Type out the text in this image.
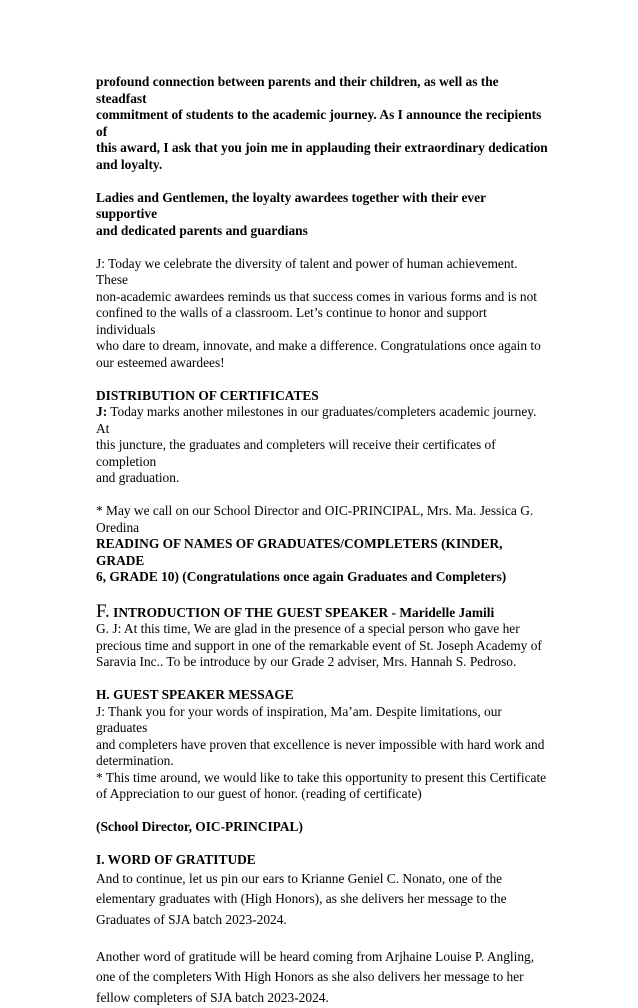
profound connection between parents and their children, as well as the steadfast
commitment of students to the academic journey. As I announce the recipients of
this award, I ask that you join me in applauding their extraordinary dedication
and loyalty.

Ladies and Gentlemen, the loyalty awardees together with their ever supportive
and dedicated parents and guardians

J: Today we celebrate the diversity of talent and power of human achievement. These
non-academic awardees reminds us that success comes in various forms and is not
confined to the walls of a classroom. Let’s continue to honor and support individuals
who dare to dream, innovate, and make a difference. Congratulations once again to
our esteemed awardees!

DISTRIBUTION OF CERTIFICATES

J: Today marks another milestones in our graduates/completers academic journey. At
this juncture, the graduates and completers will receive their certificates of completion
and graduation.

* May we call on our School Director and OIC-PRINCIPAL, Mrs. Ma. Jessica G.
Oredina

READING OF NAMES OF GRADUATES/COMPLETERS (KINDER, GRADE
6, GRADE 10) (Congratulations once again Graduates and Completers)

F. INTRODUCTION OF THE GUEST SPEAKER - Maridelle Jamili

G. J: At this time, We are glad in the presence of a special person who gave her
precious time and support in one of the remarkable event of St. Joseph Academy of
Saravia Inc.. To be introduce by our Grade 2 adviser, Mrs. Hannah S. Pedroso.

H. GUEST SPEAKER MESSAGE

J: Thank you for your words of inspiration, Ma’am. Despite limitations, our graduates
and completers have proven that excellence is never impossible with hard work and
determination.
* This time around, we would like to take this opportunity to present this Certificate
of Appreciation to our guest of honor. (reading of certificate)

(School Director, OIC-PRINCIPAL)

I. WORD OF GRATITUDE

And to continue, let us pin our ears to Krianne Geniel C. Nonato, one of the
elementary graduates with (High Honors), as she delivers her message to the
Graduates of SJA batch 2023-2024.

Another word of gratitude will be heard coming from Arjhaine Louise P. Angling,
one of the completers With High Honors as she also delivers her message to her
fellow completers of SJA batch 2023-2024.
